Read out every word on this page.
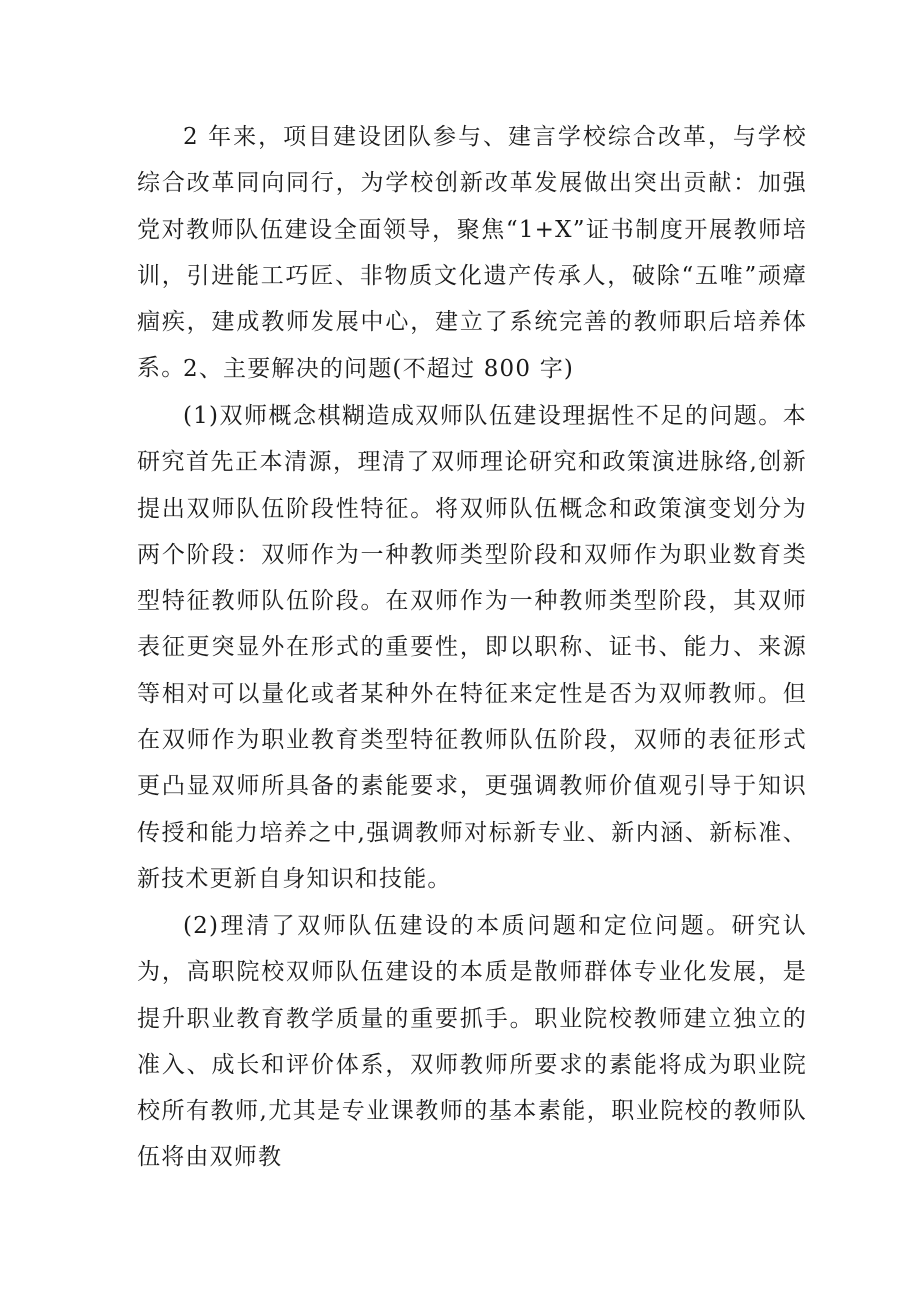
2 年来，项目建设团队参与、建言学校综合改革，与学校综合改革同向同行，为学校创新改革发展做出突出贡献：加强党对教师队伍建设全面领导，聚焦“1+X”证书制度开展教师培训，引进能工巧匠、非物质文化遗产传承人，破除“五唯”顽瘴痼疾，建成教师发展中心，建立了系统完善的教师职后培养体系。

2、主要解决的问题(不超过 800 字)

(1)双师概念棋糊造成双师队伍建设理据性不足的问题。本研究首先正本清源，理清了双师理论研究和政策演进脉络,创新提出双师队伍阶段性特征。将双师队伍概念和政策演变划分为两个阶段：双师作为一种教师类型阶段和双师作为职业数育类型特征教师队伍阶段。在双师作为一种教师类型阶段，其双师表征更突显外在形式的重要性，即以职称、证书、能力、来源等相对可以量化或者某种外在特征来定性是否为双师教师。但在双师作为职业教育类型特征教师队伍阶段，双师的表征形式更凸显双师所具备的素能要求，更强调教师价值观引导于知识传授和能力培养之中,强调教师对标新专业、新内涵、新标准、新技术更新自身知识和技能。

(2)理清了双师队伍建设的本质问题和定位问题。研究认为，高职院校双师队伍建设的本质是散师群体专业化发展，是提升职业教育教学质量的重要抓手。职业院校教师建立独立的准入、成长和评价体系，双师教师所要求的素能将成为职业院校所有教师,尤其是专业课教师的基本素能，职业院校的教师队伍将由双师教
